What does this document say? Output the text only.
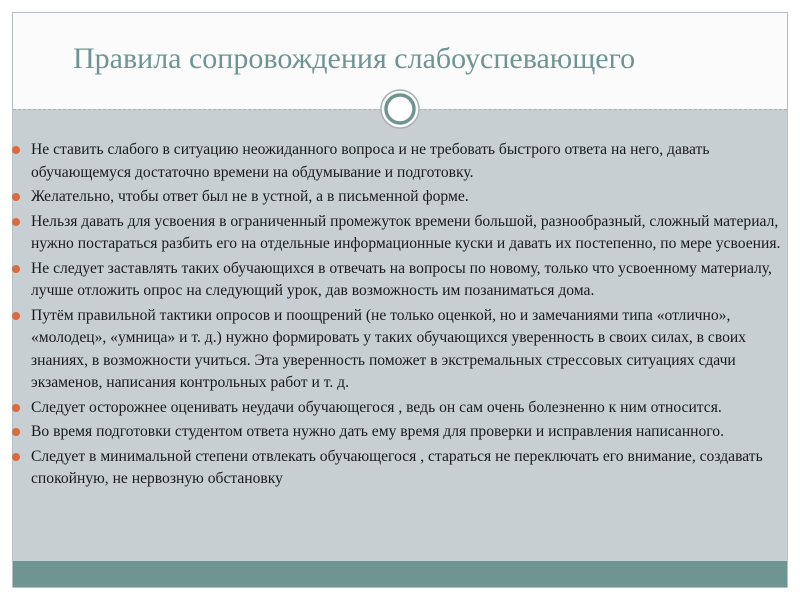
Правила сопровождения слабоуспевающего
Не ставить слабого в ситуацию неожиданного вопроса и не требовать быстрого ответа на него, давать обучающемуся достаточно времени на обдумывание и подготовку.
Желательно, чтобы ответ был не в устной, а в письменной форме.
Нельзя давать для усвоения в ограниченный промежуток времени большой, разнообразный, сложный материал, нужно постараться разбить его на отдельные информационные куски и давать их постепенно, по мере усвоения.
Не следует заставлять таких обучающихся в отвечать на вопросы по новому, только что усвоенному материалу, лучше отложить опрос на следующий урок, дав возможность им позаниматься дома.
Путём правильной тактики опросов и поощрений (не только оценкой, но и замечаниями типа «отлично», «молодец», «умница» и т. д.) нужно формировать у таких обучающихся уверенность в своих силах, в своих знаниях, в возможности учиться. Эта уверенность поможет в экстремальных стрессовых ситуациях сдачи экзаменов, написания контрольных работ и т. д.
Следует осторожнее оценивать неудачи обучающегося , ведь он сам очень болезненно к ним относится.
Во время подготовки студентом ответа нужно дать ему время для проверки и исправления написанного.
Следует в минимальной степени отвлекать обучающегося , стараться не переключать его внимание, создавать спокойную, не нервозную обстановку
